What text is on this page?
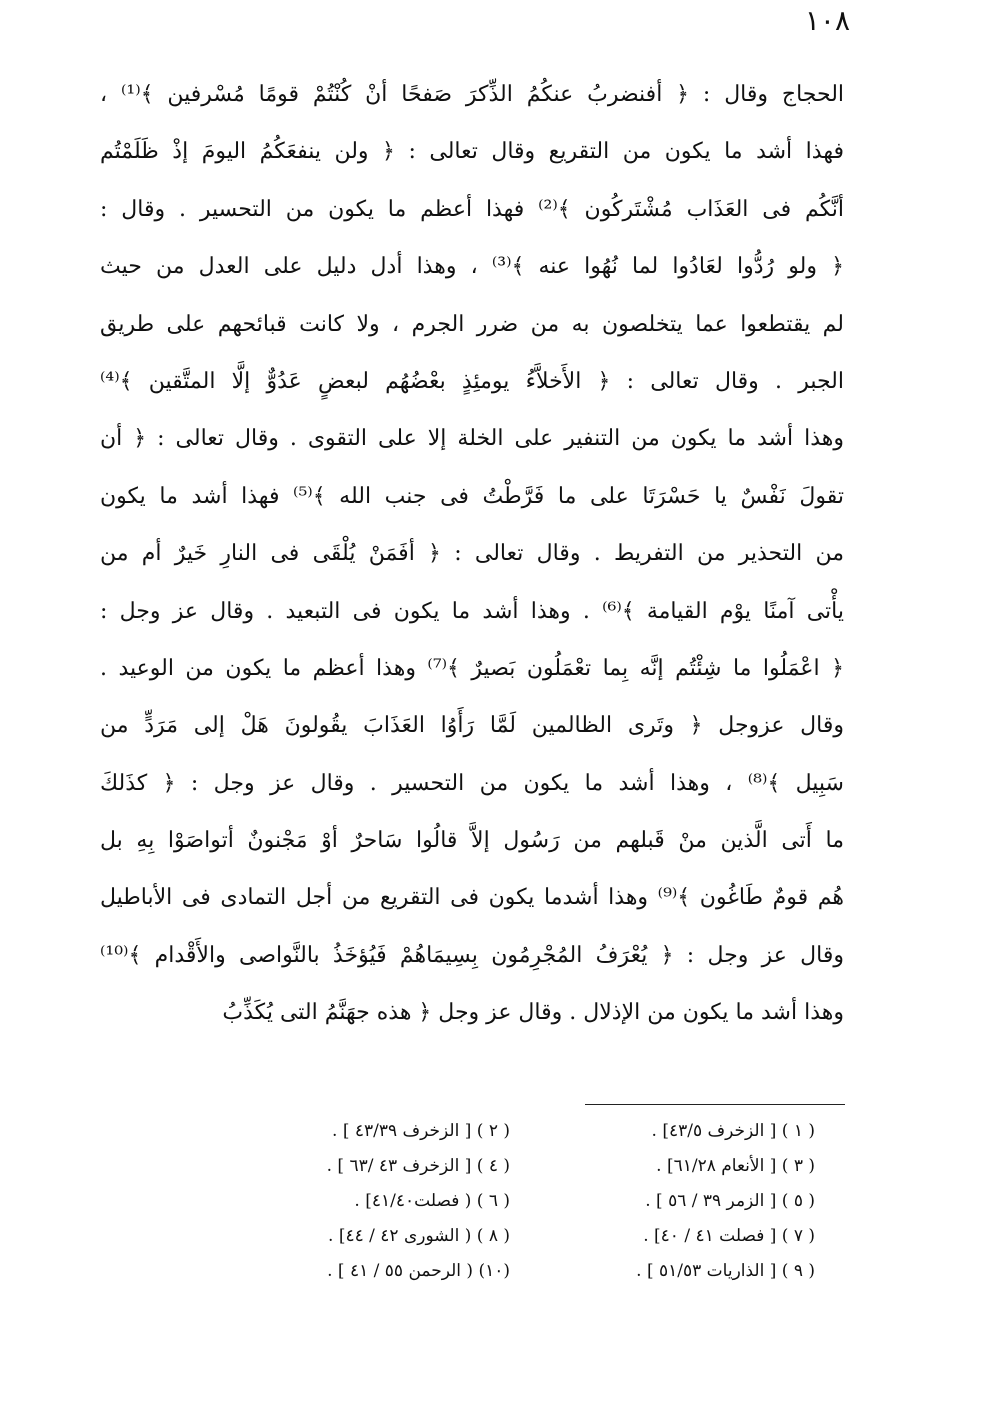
١٠٨
الحجاج وقال : ﴿ أفنضربُ عنكُمُ الذِّكرَ صَفحًا أنْ كُنْتُمْ قومًا مُسْرفين ﴾⁽¹⁾ ،
فهذا أشد ما يكون من التقريع وقال تعالى : ﴿ ولن ينفعَكُمُ اليومَ إذْ ظَلَمْتُم
أنَّكُم فى العَذَاب مُشْتَركُون ﴾⁽²⁾ فهذا أعظم ما يكون من التحسير . وقال :
﴿ ولو رُدُّوا لعَادُوا لما نُهُوا عنه ﴾⁽³⁾ ، وهذا أدل دليل على العدل من حيث
لم يقتطعوا عما يتخلصون به من ضرر الجرم ، ولا كانت قبائحهم على طريق
الجبر . وقال تعالى : ﴿ الأَخلاَّءُ يومئِذٍ بعْضُهُم لبعضٍ عَدُوٌّ إلَّا المتَّقين ﴾⁽⁴⁾
وهذا أشد ما يكون من التنفير على الخلة إلا على التقوى . وقال تعالى : ﴿ أن
تقولَ نَفْسٌ يا حَسْرَتَا على ما فَرَّطْتُ فى جنب الله ﴾⁽⁵⁾ فهذا أشد ما يكون
من التحذير من التفريط . وقال تعالى : ﴿ أفَمَنْ يُلْقَى فى النارِ خَيرٌ أم من
يأْتى آمنًا يوْم القيامة ﴾⁽⁶⁾ . وهذا أشد ما يكون فى التبعيد . وقال عز وجل :
﴿ اعْمَلُوا ما شِئْتُم إنَّه بِما تعْمَلُون بَصيرٌ ﴾⁽⁷⁾ وهذا أعظم ما يكون من الوعيد .
وقال عزوجل ﴿ وتَرى الظالمين لَمَّا رَأَوُا العَذَابَ يقُولونَ هَلْ إلى مَرَدٍّ من
سَبِيل ﴾⁽⁸⁾ ، وهذا أشد ما يكون من التحسير . وقال عز وجل : ﴿ كذَلكَ
ما أَتى الَّذين منْ قَبلهم من رَسُول إلاَّ قالُوا سَاحرٌ أوْ مَجْنونٌ أتواصَوْا بِهِ بل
هُم قومٌ طَاغُون ﴾⁽⁹⁾ وهذا أشدما يكون فى التقريع من أجل التمادى فى الأباطيل
وقال عز وجل : ﴿ يُعْرَفُ المُجْرِمُون بِسِيمَاهُمْ فَيُؤخَذُ بالنَّواصى والأَقْدام ﴾⁽¹⁰⁾
وهذا أشد ما يكون من الإذلال . وقال عز وجل ﴿ هذه جهَنَّمُ التى يُكَذِّبُ
( ١ ) [ الزخرف ٤٣/٥] .
( ٣ ) [ الأنعام ٦١/٢٨] .
( ٥ ) [ الزمر ٣٩ / ٥٦ ] .
( ٧ ) [ فصلت ٤١ / ٤٠] .
( ٩ ) [ الذاريات ٥١/٥٣ ] .
( ٢ ) [ الزخرف ٤٣/٣٩ ] .
( ٤ ) [ الزخرف ٤٣ /٦٣ ] .
( ٦ ) ( فصلت٤١/٤٠] .
( ٨ ) ( الشورى ٤٢ / ٤٤] .
(١٠) ( الرحمن ٥٥ / ٤١ ] .
